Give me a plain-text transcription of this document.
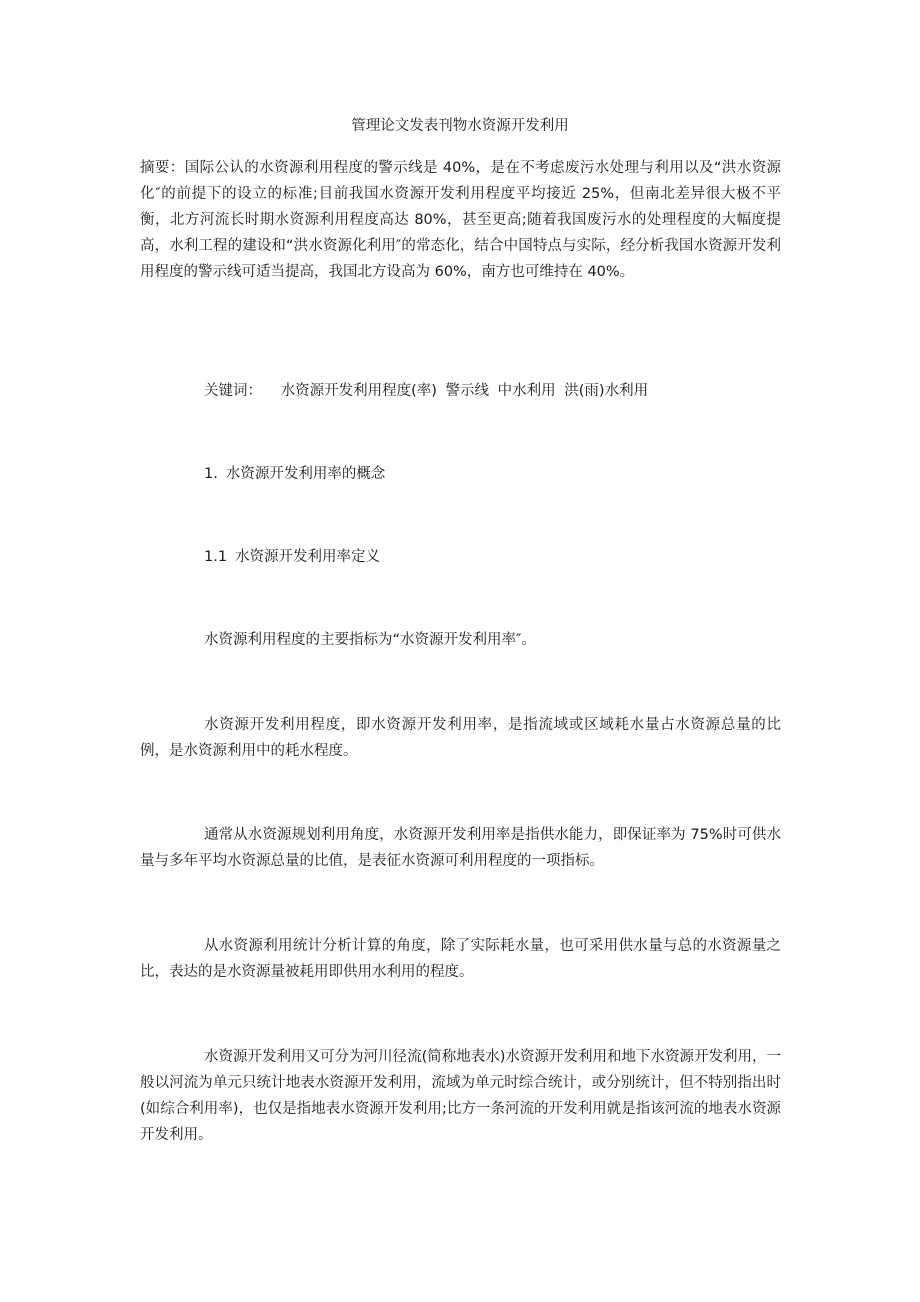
管理论文发表刊物水资源开发利用
摘要：国际公认的水资源利用程度的警示线是 40%，是在不考虑废污水处理与利用以及“洪水资源化″的前提下的设立的标准;目前我国水资源开发利用程度平均接近 25%，但南北差异很大极不平衡，北方河流长时期水资源利用程度高达 80%，甚至更高;随着我国废污水的处理程度的大幅度提高，水利工程的建设和“洪水资源化利用″的常态化，结合中国特点与实际，经分析我国水资源开发利用程度的警示线可适当提高，我国北方设高为 60%，南方也可维持在 40%。
关键词： 水资源开发利用程度(率) 警示线 中水利用 洪(雨)水利用
1. 水资源开发利用率的概念
1.1 水资源开发利用率定义
水资源利用程度的主要指标为“水资源开发利用率″。
水资源开发利用程度，即水资源开发利用率，是指流域或区域耗水量占水资源总量的比例，是水资源利用中的耗水程度。
通常从水资源规划利用角度，水资源开发利用率是指供水能力，即保证率为 75%时可供水量与多年平均水资源总量的比值，是表征水资源可利用程度的一项指标。
从水资源利用统计分析计算的角度，除了实际耗水量，也可采用供水量与总的水资源量之比，表达的是水资源量被耗用即供用水利用的程度。
水资源开发利用又可分为河川径流(简称地表水)水资源开发利用和地下水资源开发利用，一般以河流为单元只统计地表水资源开发利用，流域为单元时综合统计，或分别统计，但不特别指出时(如综合利用率)，也仅是指地表水资源开发利用;比方一条河流的开发利用就是指该河流的地表水资源开发利用。
